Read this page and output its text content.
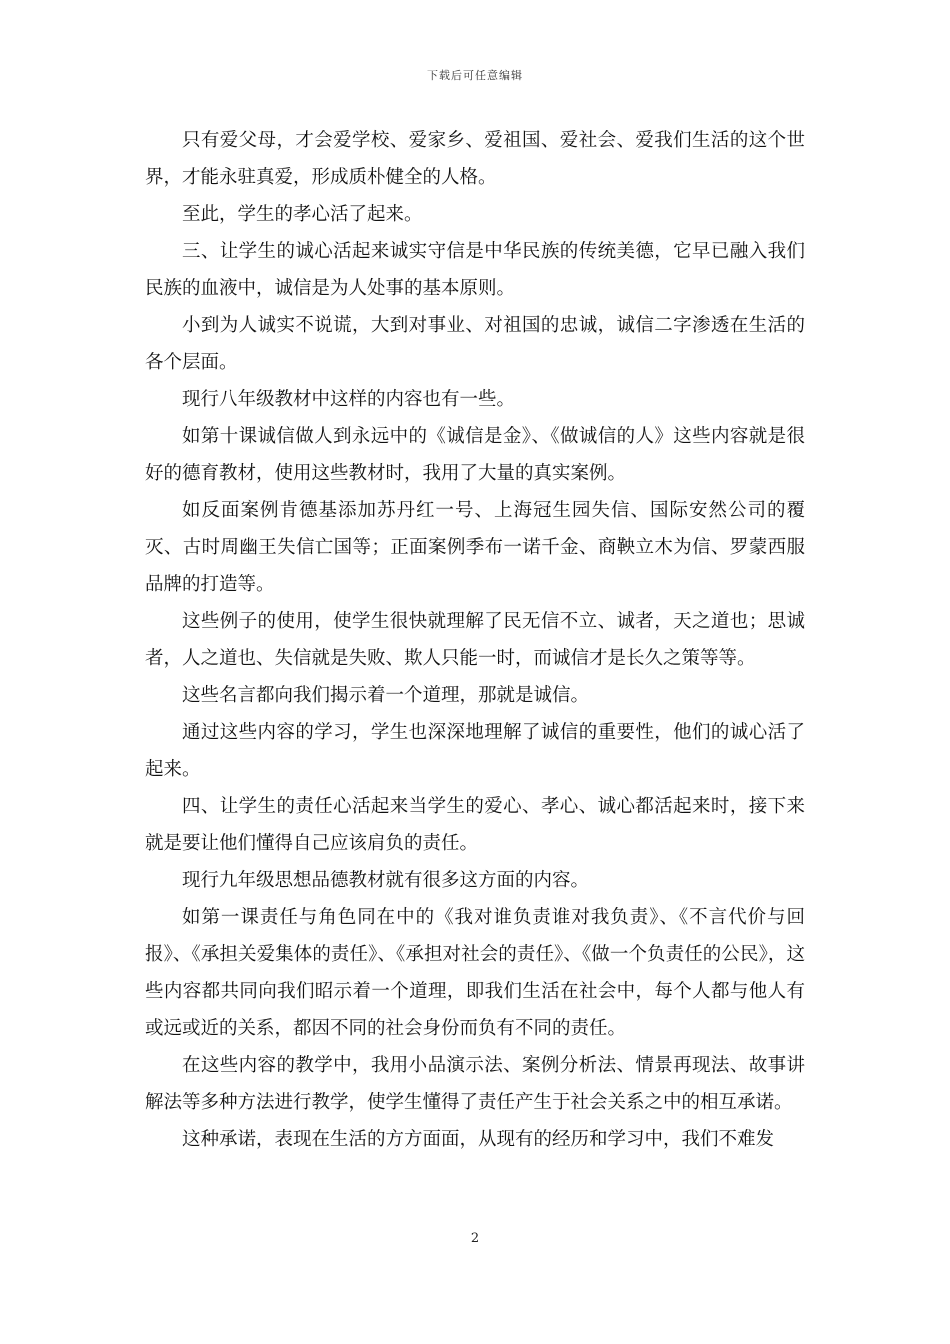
下载后可任意编辑

只有爱父母，才会爱学校、爱家乡、爱祖国、爱社会、爱我们生活的这个世界，才能永驻真爱，形成质朴健全的人格。

至此，学生的孝心活了起来。

三、让学生的诚心活起来诚实守信是中华民族的传统美德，它早已融入我们民族的血液中，诚信是为人处事的基本原则。

小到为人诚实不说谎，大到对事业、对祖国的忠诚，诚信二字渗透在生活的各个层面。

现行八年级教材中这样的内容也有一些。

如第十课诚信做人到永远中的《诚信是金》、《做诚信的人》这些内容就是很好的德育教材，使用这些教材时，我用了大量的真实案例。

如反面案例肯德基添加苏丹红一号、上海冠生园失信、国际安然公司的覆灭、古时周幽王失信亡国等；正面案例季布一诺千金、商鞅立木为信、罗蒙西服品牌的打造等。

这些例子的使用，使学生很快就理解了民无信不立、诚者，天之道也；思诚者，人之道也、失信就是失败、欺人只能一时，而诚信才是长久之策等等。

这些名言都向我们揭示着一个道理，那就是诚信。

通过这些内容的学习，学生也深深地理解了诚信的重要性，他们的诚心活了起来。

四、让学生的责任心活起来当学生的爱心、孝心、诚心都活起来时，接下来就是要让他们懂得自己应该肩负的责任。

现行九年级思想品德教材就有很多这方面的内容。

如第一课责任与角色同在中的《我对谁负责谁对我负责》、《不言代价与回报》、《承担关爱集体的责任》、《承担对社会的责任》、《做一个负责任的公民》，这些内容都共同向我们昭示着一个道理，即我们生活在社会中，每个人都与他人有或远或近的关系，都因不同的社会身份而负有不同的责任。

在这些内容的教学中，我用小品演示法、案例分析法、情景再现法、故事讲解法等多种方法进行教学，使学生懂得了责任产生于社会关系之中的相互承诺。

这种承诺，表现在生活的方方面面，从现有的经历和学习中，我们不难发

2
